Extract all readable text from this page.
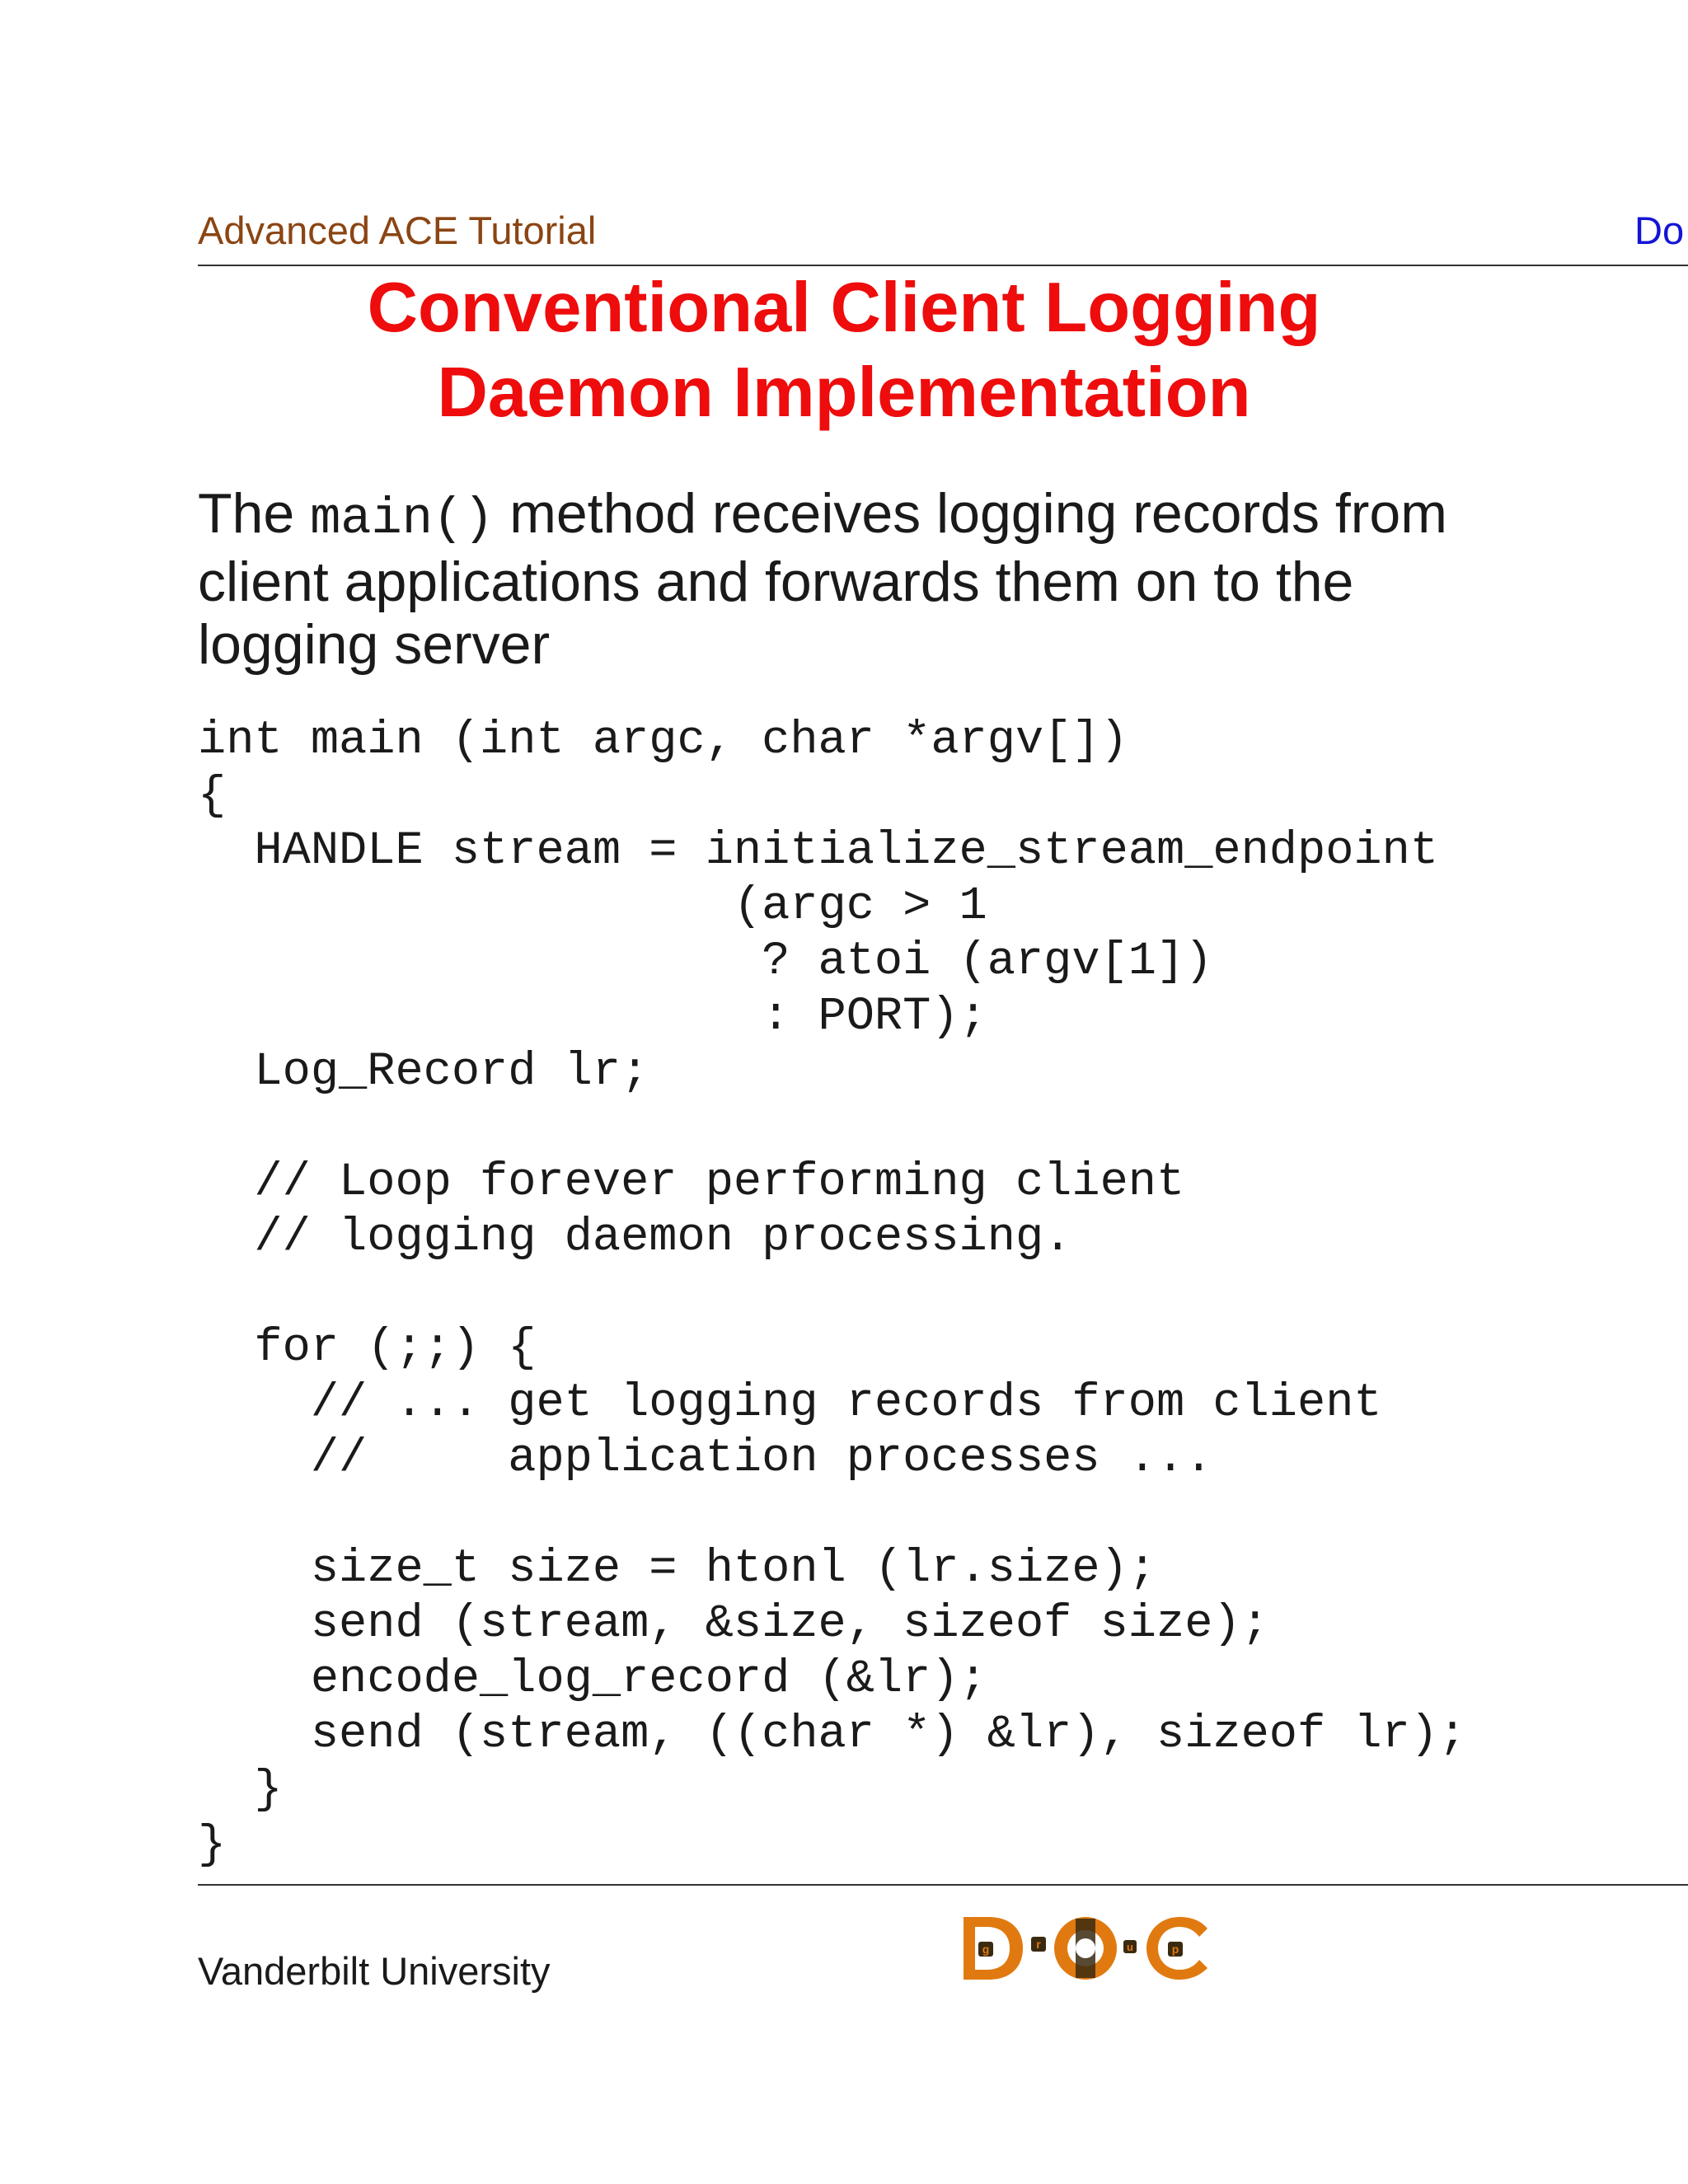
Advanced ACE Tutorial	Do
Conventional Client Logging
Daemon Implementation
The main() method receives logging records from
client applications and forwards them on to the
logging server
int main (int argc, char *argv[])
{
HANDLE stream = initialize_stream_endpoint
(argc > 1
? atoi (argv[1])
: PORT);
Log_Record lr;
// Loop forever performing client
// logging daemon processing.
for (;;) {
// ... get logging records from client
//     application processes ...
size_t size = htonl (lr.size);
send (stream, &size, sizeof size);
encode_log_record (&lr);
send (stream, ((char *) &lr), sizeof lr);
}
}
Vanderbilt University	g	r	u	p
